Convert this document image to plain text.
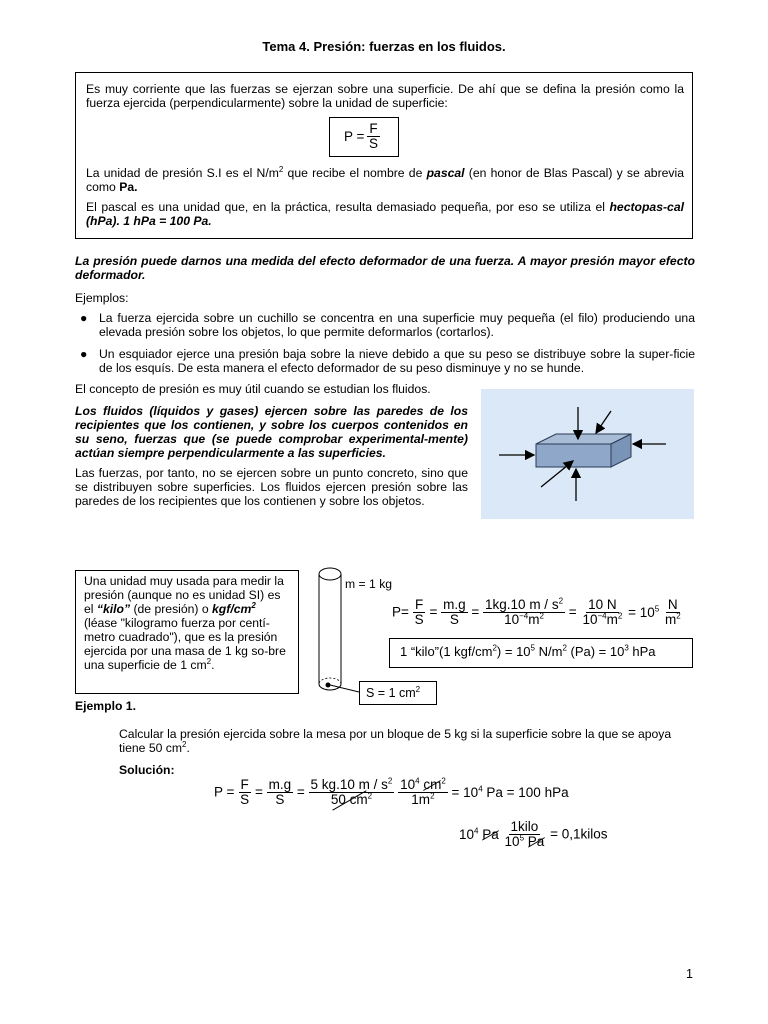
Tema 4. Presión: fuerzas en los fluidos.

Es muy corriente que las fuerzas se ejerzan sobre una superficie. De ahí que se defina la presión como la fuerza ejercida (perpendicularmente) sobre la unidad de superficie:

$P = \frac{F}{S}$

La unidad de presión S.I es el $N/m^2$ que recibe el nombre de pascal (en honor de Blas Pascal) y se abrevia como Pa.

El pascal es una unidad que, en la práctica, resulta demasiado pequeña, por eso se utiliza el hectopas-cal (hPa). 1 hPa = 100 Pa.

La presión puede darnos una medida del efecto deformador de una fuerza. A mayor presión mayor efecto deformador.
Ejemplos:
● La fuerza ejercida sobre un cuchillo se concentra en una superficie muy pequeña (el filo) produciendo una elevada presión sobre los objetos, lo que permite deformarlos (cortarlos).
● Un esquiador ejerce una presión baja sobre la nieve debido a que su peso se distribuye sobre la super-ficie de los esquís. De esta manera el efecto deformador de su peso disminuye y no se hunde.
El concepto de presión es muy útil cuando se estudian los fluidos.
Los fluidos (líquidos y gases) ejercen sobre las paredes de los recipientes que los contienen, y sobre los cuerpos contenidos en su seno, fuerzas que (se puede comprobar experimental-mente) actúan siempre perpendicularmente a las superficies.
Las fuerzas, por tanto, no se ejercen sobre un punto concreto, sino que se distribuyen sobre superficies. Los fluidos ejercen presión sobre las paredes de los recipientes que los contienen y sobre los objetos.
Una unidad muy usada para medir la presión (aunque no es unidad SI) es el “kilo” (de presión) o kgf/$cm^2$ (léase "kilogramo fuerza por centí-metro cuadrado"), que es la presión ejercida por una masa de 1 kg so-bre una superficie de 1 $cm^2$.
m = 1 kg
$P= \frac{F}{S} = \frac{m.g}{S} = \frac{1kg.10 m / s^2}{10^{-4}m^2} = \frac{10 N}{10^{-4}m^2} = 10^5 \frac{N}{m^2}$
1 “kilo”(1 kgf/$cm^2) = 10^5$ $N/m^2$ $(Pa) = 10^3$ hPa
S = 1 $cm^2$
Ejemplo 1.
Calcular la presión ejercida sobre la mesa por un bloque de 5 kg si la superficie sobre la que se apoya tiene 50 $cm^2$.
Solución:
$P = \frac{F}{S} = \frac{m.g}{S} = \frac{5 kg.10 m / s^2}{50 cm^2}$
$\frac{10^4 cm^2}{1m^2} = 10^4$ Pa = 100 hPa
$10^4$ Pa $\frac{\text{1kilo}}{10^5 Pa}$ = 0,1kilos
1
